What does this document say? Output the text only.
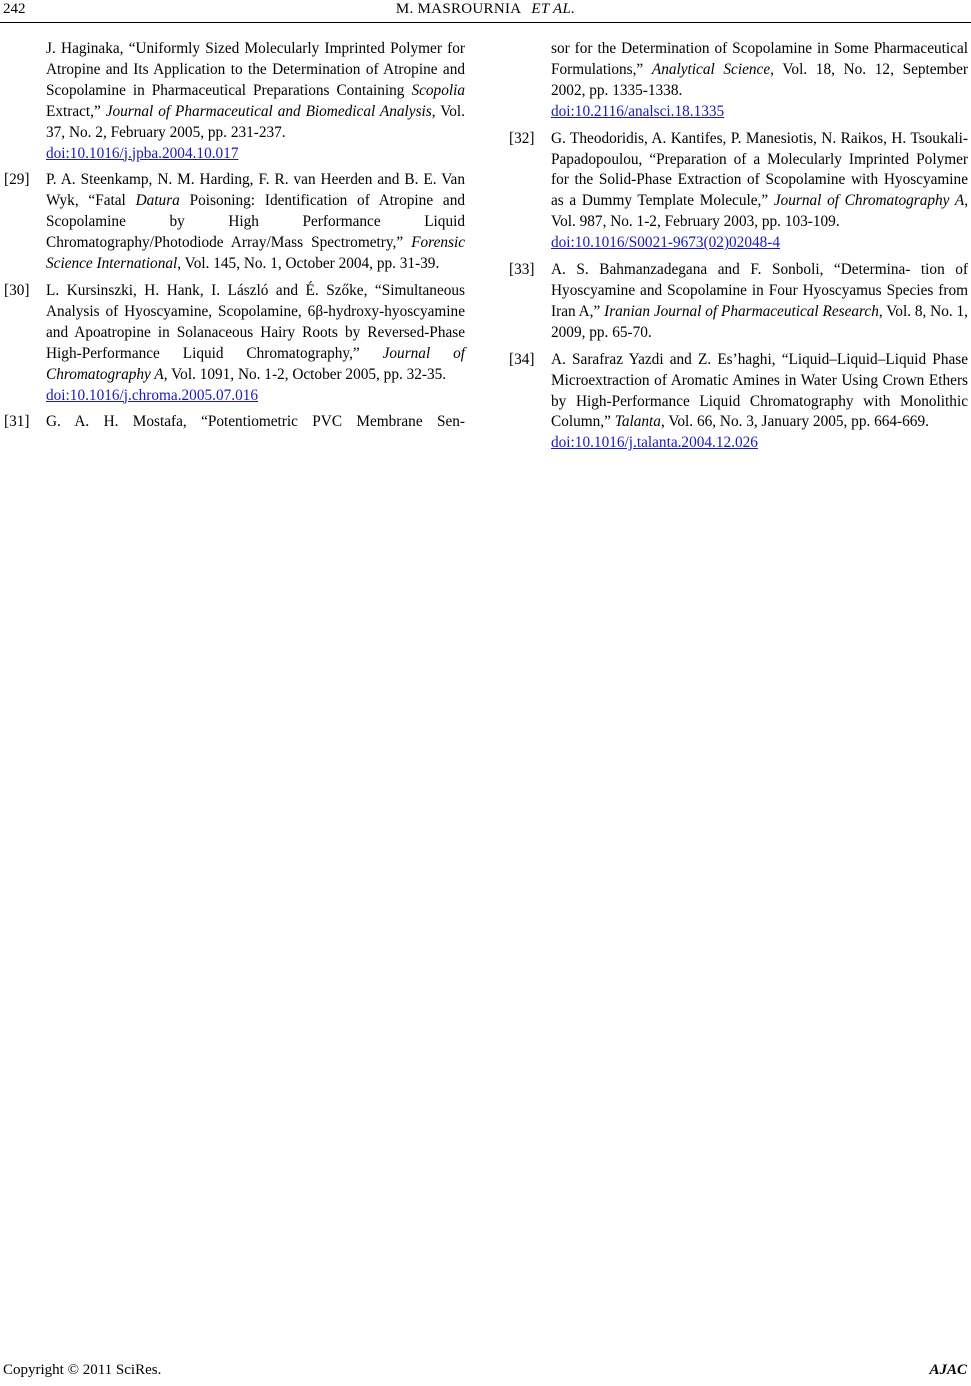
242	M. MASROURNIA ET AL.
J. Haginaka, “Uniformly Sized Molecularly Imprinted Polymer for Atropine and Its Application to the Determination of Atropine and Scopolamine in Pharmaceutical Preparations Containing Scopolia Extract,” Journal of Pharmaceutical and Biomedical Analysis, Vol. 37, No. 2, February 2005, pp. 231-237.
doi:10.1016/j.jpba.2004.10.017
[29] P. A. Steenkamp, N. M. Harding, F. R. van Heerden and B. E. Van Wyk, “Fatal Datura Poisoning: Identification of Atropine and Scopolamine by High Performance Liquid Chromatography/Photodiode Array/Mass Spectrometry,” Forensic Science International, Vol. 145, No. 1, October 2004, pp. 31-39.
[30] L. Kursinszki, H. Hank, I. László and É. Szőke, “Simultaneous Analysis of Hyoscyamine, Scopolamine, 6β-hydroxy-hyoscyamine and Apoatropine in Solanaceous Hairy Roots by Reversed-Phase High-Performance Liquid Chromatography,” Journal of Chromatography A, Vol. 1091, No. 1-2, October 2005, pp. 32-35.
doi:10.1016/j.chroma.2005.07.016
[31] G. A. H. Mostafa, “Potentiometric PVC Membrane Sen-
sor for the Determination of Scopolamine in Some Pharmaceutical Formulations,” Analytical Science, Vol. 18, No. 12, September 2002, pp. 1335-1338.
doi:10.2116/analsci.18.1335
[32] G. Theodoridis, A. Kantifes, P. Manesiotis, N. Raikos, H. Tsoukali-Papadopoulou, “Preparation of a Molecularly Imprinted Polymer for the Solid-Phase Extraction of Scopolamine with Hyoscyamine as a Dummy Template Molecule,” Journal of Chromatography A, Vol. 987, No. 1-2, February 2003, pp. 103-109.
doi:10.1016/S0021-9673(02)02048-4
[33] A. S. Bahmanzadegana and F. Sonboli, “Determina- tion of Hyoscyamine and Scopolamine in Four Hyoscyamus Species from Iran A,” Iranian Journal of Pharmaceutical Research, Vol. 8, No. 1, 2009, pp. 65-70.
[34] A. Sarafraz Yazdi and Z. Es’haghi, “Liquid–Liquid–Liquid Phase Microextraction of Aromatic Amines in Water Using Crown Ethers by High-Performance Liquid Chromatography with Monolithic Column,” Talanta, Vol. 66, No. 3, January 2005, pp. 664-669.
doi:10.1016/j.talanta.2004.12.026
Copyright © 2011 SciRes.	AJAC
